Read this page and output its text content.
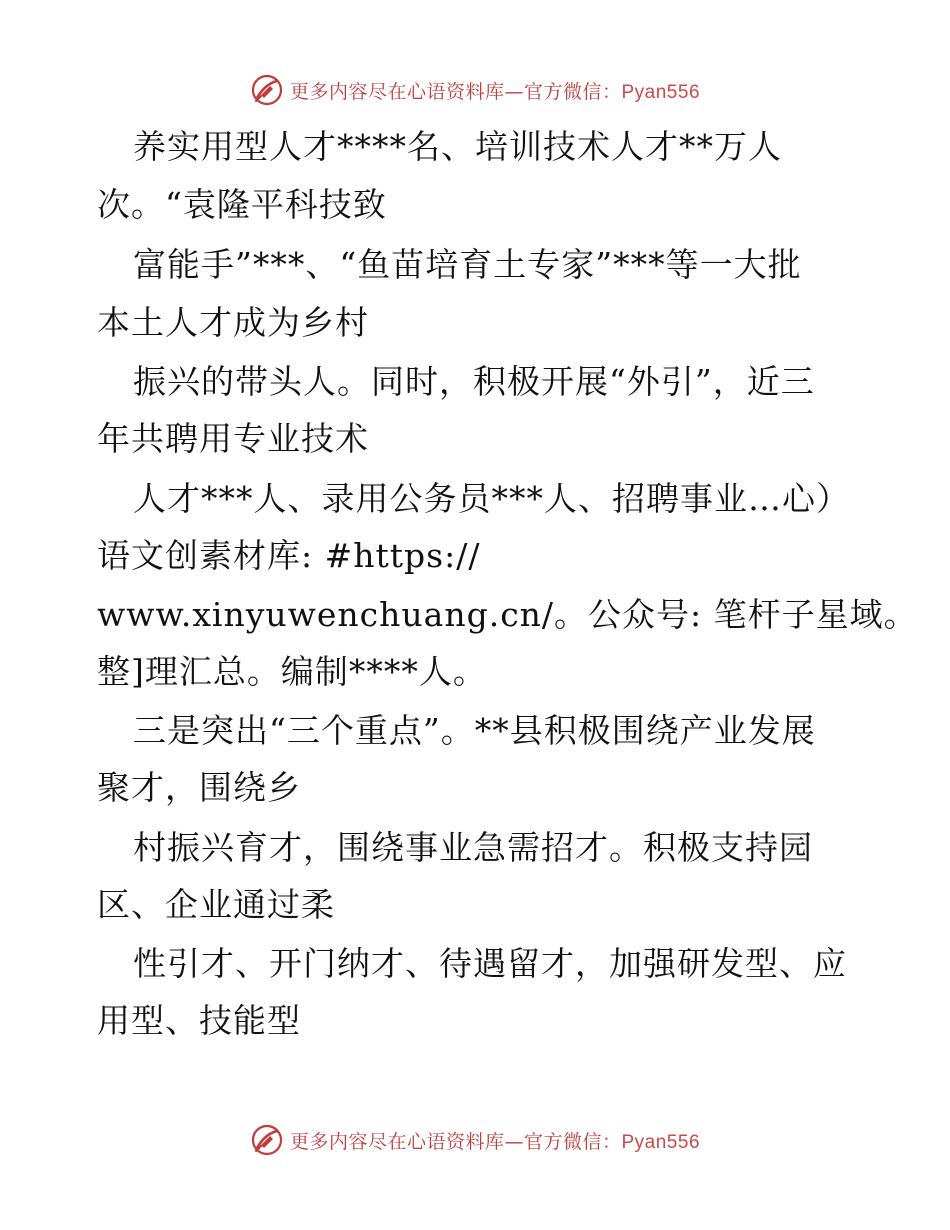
更多内容尽在心语资料库—官方微信：Pyan556
养实用型人才****名、培训技术人才**万人
次。“袁隆平科技致
富能手”***、“鱼苗培育土专家”***等一大批
本土人才成为乡村
振兴的带头人。同时，积极开展“外引”，近三
年共聘用专业技术
人才***人、录用公务员***人、招聘事业…心）
语文创素材库: #https://
www.xinyuwenchuang.cn/。公众号: 笔杆子星域。
整]理汇总。编制****人。
三是突出“三个重点”。**县积极围绕产业发展
聚才，围绕乡
村振兴育才，围绕事业急需招才。积极支持园
区、企业通过柔
性引才、开门纳才、待遇留才，加强研发型、应
用型、技能型
更多内容尽在心语资料库—官方微信：Pyan556
